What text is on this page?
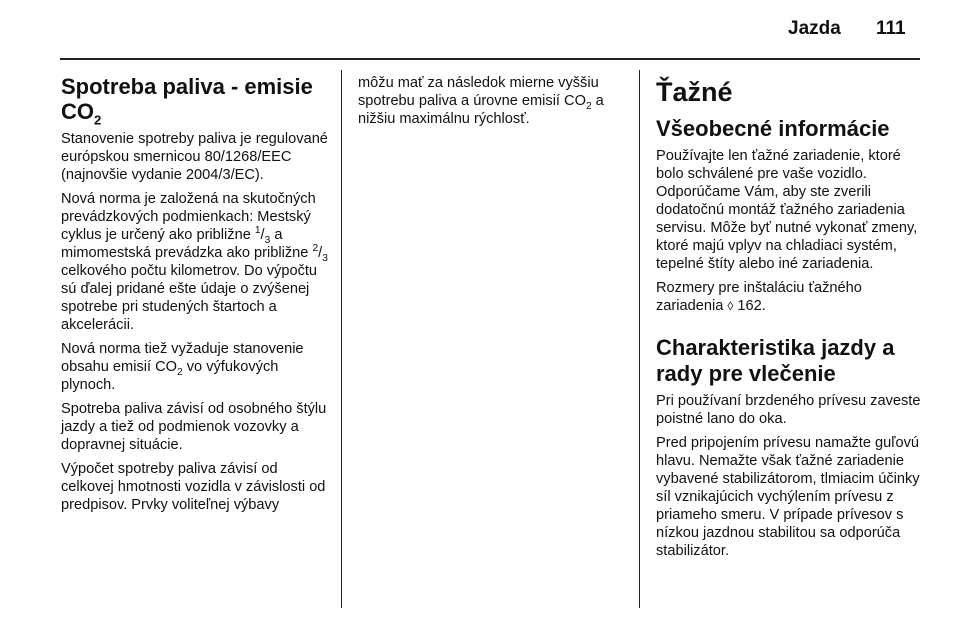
Jazda 111
Spotreba paliva - emisie
$CO_2$

Stanovenie spotreby paliva je regulované európskou smernicou 80/1268/EEC (najnovšie vydanie 2004/3/EC).

Nová norma je založená na skutočných prevádzkových podmienkach: Mestský cyklus je určený ako približne $^1/_3$ a mimomestská prevádzka ako približne $^2/_3$ celkového počtu kilometrov. Do výpočtu sú ďalej pridané ešte údaje o zvýšenej spotrebe pri studených štartoch a akcelerácii.

Nová norma tiež vyžaduje stanovenie obsahu emisií $CO_2$ vo výfukových plynoch.

Spotreba paliva závisí od osobného štýlu jazdy a tiež od podmienok vozovky a dopravnej situácie.

Výpočet spotreby paliva závisí od celkovej hmotnosti vozidla v závislosti od predpisov. Prvky voliteľnej výbavy

môžu mať za následok mierne vyššiu spotrebu paliva a úrovne emisií $CO_2$ a nižšiu maximálnu rýchlosť.

Ťažné
Všeobecné informácie

Používajte len ťažné zariadenie, ktoré bolo schválené pre vaše vozidlo. Odporúčame Vám, aby ste zverili dodatočnú montáž ťažného zariadenia servisu. Môže byť nutné vykonať zmeny, ktoré majú vplyv na chladiaci systém, tepelné štíty alebo iné zariadenia.

Rozmery pre inštaláciu ťažného zariadenia ◊ 162.

Charakteristika jazdy a rady pre vlečenie

Pri používaní brzdeného prívesu zaveste poistné lano do oka.

Pred pripojením prívesu namažte guľovú hlavu. Nemažte však ťažné zariadenie vybavené stabilizátorom, tlmiacim účinky síl vznikajúcich vychýlením prívesu z priameho smeru. V prípade prívesov s nízkou jazdnou stabilitou sa odporúča stabilizátor.
